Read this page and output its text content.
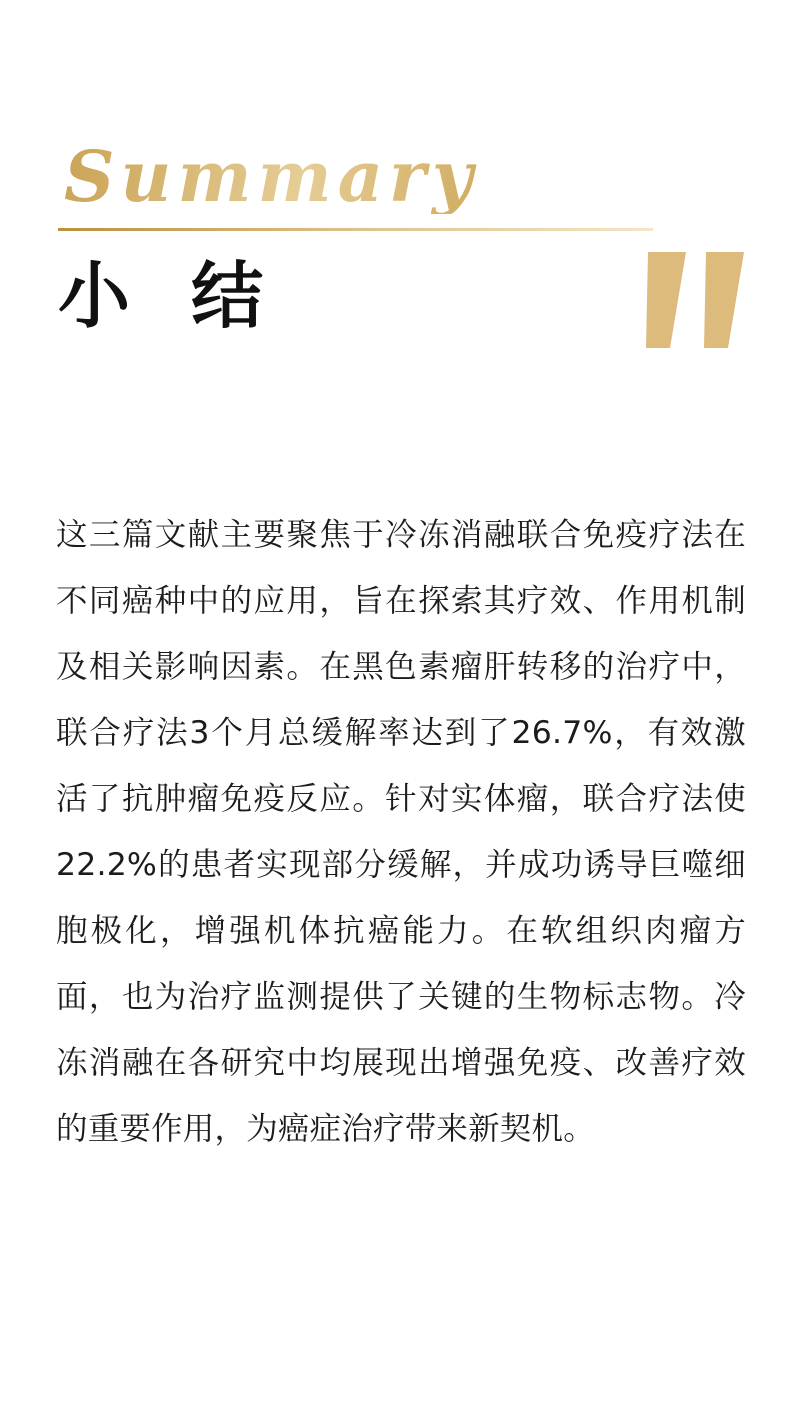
Summary
小 结

这三篇文献主要聚焦于冷冻消融联合免疫疗法在不同癌种中的应用，旨在探索其疗效、作用机制及相关影响因素。在黑色素瘤肝转移的治疗中，联合疗法3个月总缓解率达到了26.7%，有效激活了抗肿瘤免疫反应。针对实体瘤，联合疗法使22.2%的患者实现部分缓解，并成功诱导巨噬细胞极化，增强机体抗癌能力。在软组织肉瘤方面，也为治疗监测提供了关键的生物标志物。冷冻消融在各研究中均展现出增强免疫、改善疗效的重要作用，为癌症治疗带来新契机。
